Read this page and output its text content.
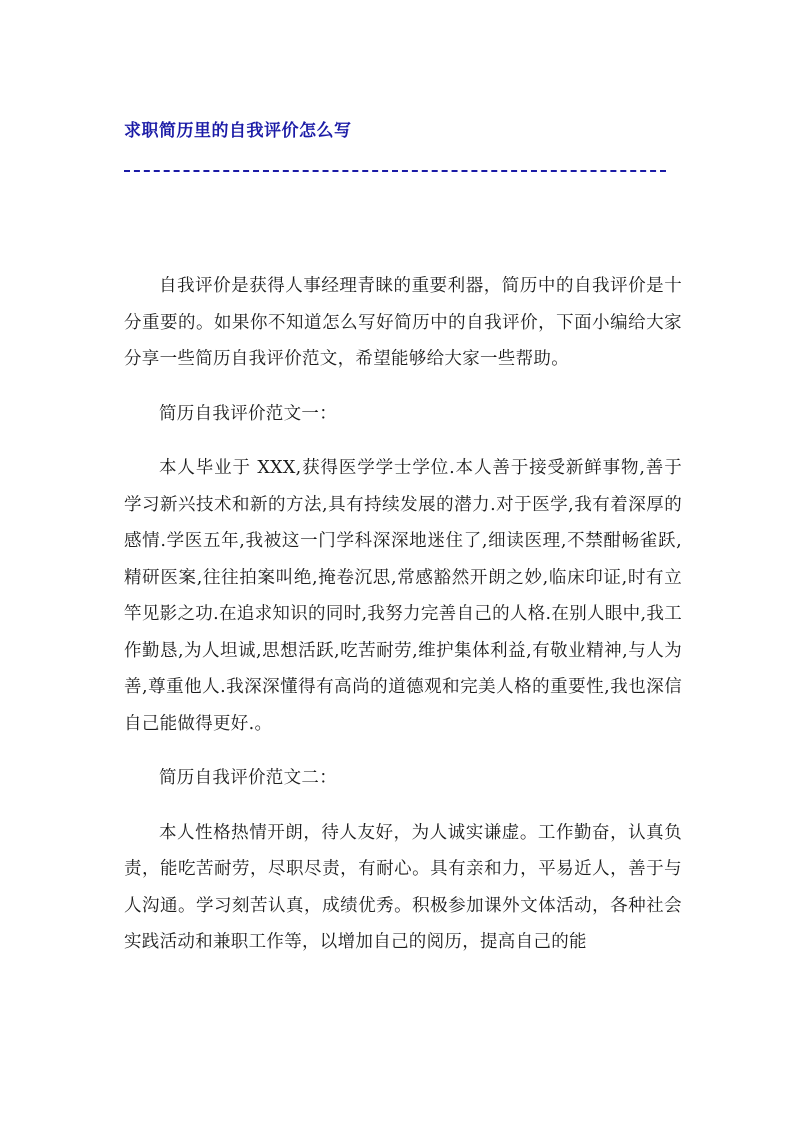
求职简历里的自我评价怎么写

自我评价是获得人事经理青睐的重要利器，简历中的自我评价是十分重要的。如果你不知道怎么写好简历中的自我评价，下面小编给大家分享一些简历自我评价范文，希望能够给大家一些帮助。

简历自我评价范文一：

本人毕业于 XXX,获得医学学士学位.本人善于接受新鲜事物,善于学习新兴技术和新的方法,具有持续发展的潜力.对于医学,我有着深厚的感情.学医五年,我被这一门学科深深地迷住了,细读医理,不禁酣畅雀跃,精研医案,往往拍案叫绝,掩卷沉思,常感豁然开朗之妙,临床印证,时有立竿见影之功.在追求知识的同时,我努力完善自己的人格.在别人眼中,我工作勤恳,为人坦诚,思想活跃,吃苦耐劳,维护集体利益,有敬业精神,与人为善,尊重他人.我深深懂得有高尚的道德观和完美人格的重要性,我也深信自己能做得更好.。

简历自我评价范文二：

本人性格热情开朗，待人友好，为人诚实谦虚。工作勤奋，认真负责，能吃苦耐劳，尽职尽责，有耐心。具有亲和力，平易近人，善于与人沟通。学习刻苦认真，成绩优秀。积极参加课外文体活动，各种社会实践活动和兼职工作等，以增加自己的阅历，提高自己的能
